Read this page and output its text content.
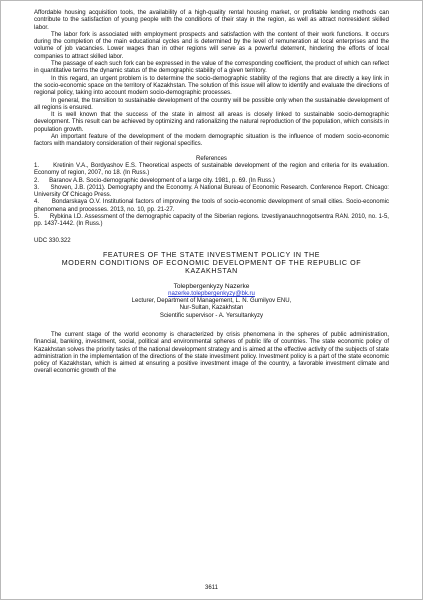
Affordable housing acquisition tools, the availability of a high-quality rental housing market, or profitable lending methods can contribute to the satisfaction of young people with the conditions of their stay in the region, as well as attract nonresident skilled labor.

The labor fork is associated with employment prospects and satisfaction with the content of their work functions. It occurs during the completion of the main educational cycles and is determined by the level of remuneration at local enterprises and the volume of job vacancies. Lower wages than in other regions will serve as a powerful deterrent, hindering the efforts of local companies to attract skilled labor.

The passage of each such fork can be expressed in the value of the corresponding coefficient, the product of which can reflect in quantitative terms the dynamic status of the demographic stability of a given territory.

In this regard, an urgent problem is to determine the socio-demographic stability of the regions that are directly a key link in the socio-economic space on the territory of Kazakhstan. The solution of this issue will allow to identify and evaluate the directions of regional policy, taking into account modern socio-demographic processes.

In general, the transition to sustainable development of the country will be possible only when the sustainable development of all regions is ensured.

It is well known that the success of the state in almost all areas is closely linked to sustainable socio-demographic development. This result can be achieved by optimizing and rationalizing the natural reproduction of the population, which consists in population growth.

An important feature of the development of the modern demographic situation is the influence of modern socio-economic factors with mandatory consideration of their regional specifics.

References

1.      Kretinin V.A., Bordyashov E.S. Theoretical aspects of sustainable development of the region and criteria for its evaluation. Economy of region, 2007, no 18. (In Russ.)

2.      Baranov A.B. Socio-demographic development of a large city. 1981, p. 69. (In Russ.)

3.      Shoven, J.B. (2011). Demography and the Economy. A National Bureau of Economic Research. Conference Report. Chicago: University Of Chicago Press.

4.      Bondarskaya O.V. Institutional factors of improving the tools of socio-economic development of small cities. Socio-economic phenomena and processes. 2013, no. 10, pp. 21-27.

5.      Rybkina I.D. Assessment of the demographic capacity of the Siberian regions. Izvestiyanauchnogotsentra RAN. 2010, no. 1-5, pp. 1437-1442. (In Russ.)

UDC 330.322
FEATURES OF THE STATE INVESTMENT POLICY IN THE
MODERN CONDITIONS OF ECONOMIC DEVELOPMENT OF THE REPUBLIC OF
KAZAKHSTAN
Tolepbergenkyzy Nazerke
nazerke.tolepbergenkyzy@bk.ru
Lecturer, Department of Management, L. N. Gumilyov ENU,
Nur-Sultan, Kazakhstan
Scientific supervisor - A. Yersultankyzy

The current stage of the world economy is characterized by crisis phenomena in the spheres of public administration, financial, banking, investment, social, political and environmental spheres of public life of countries. The state economic policy of Kazakhstan solves the priority tasks of the national development strategy and is aimed at the effective activity of the subjects of state administration in the implementation of the directions of the state investment policy. Investment policy is a part of the state economic policy of Kazakhstan, which is aimed at ensuring a positive investment image of the country, a favorable investment climate and overall economic growth of the

3611
